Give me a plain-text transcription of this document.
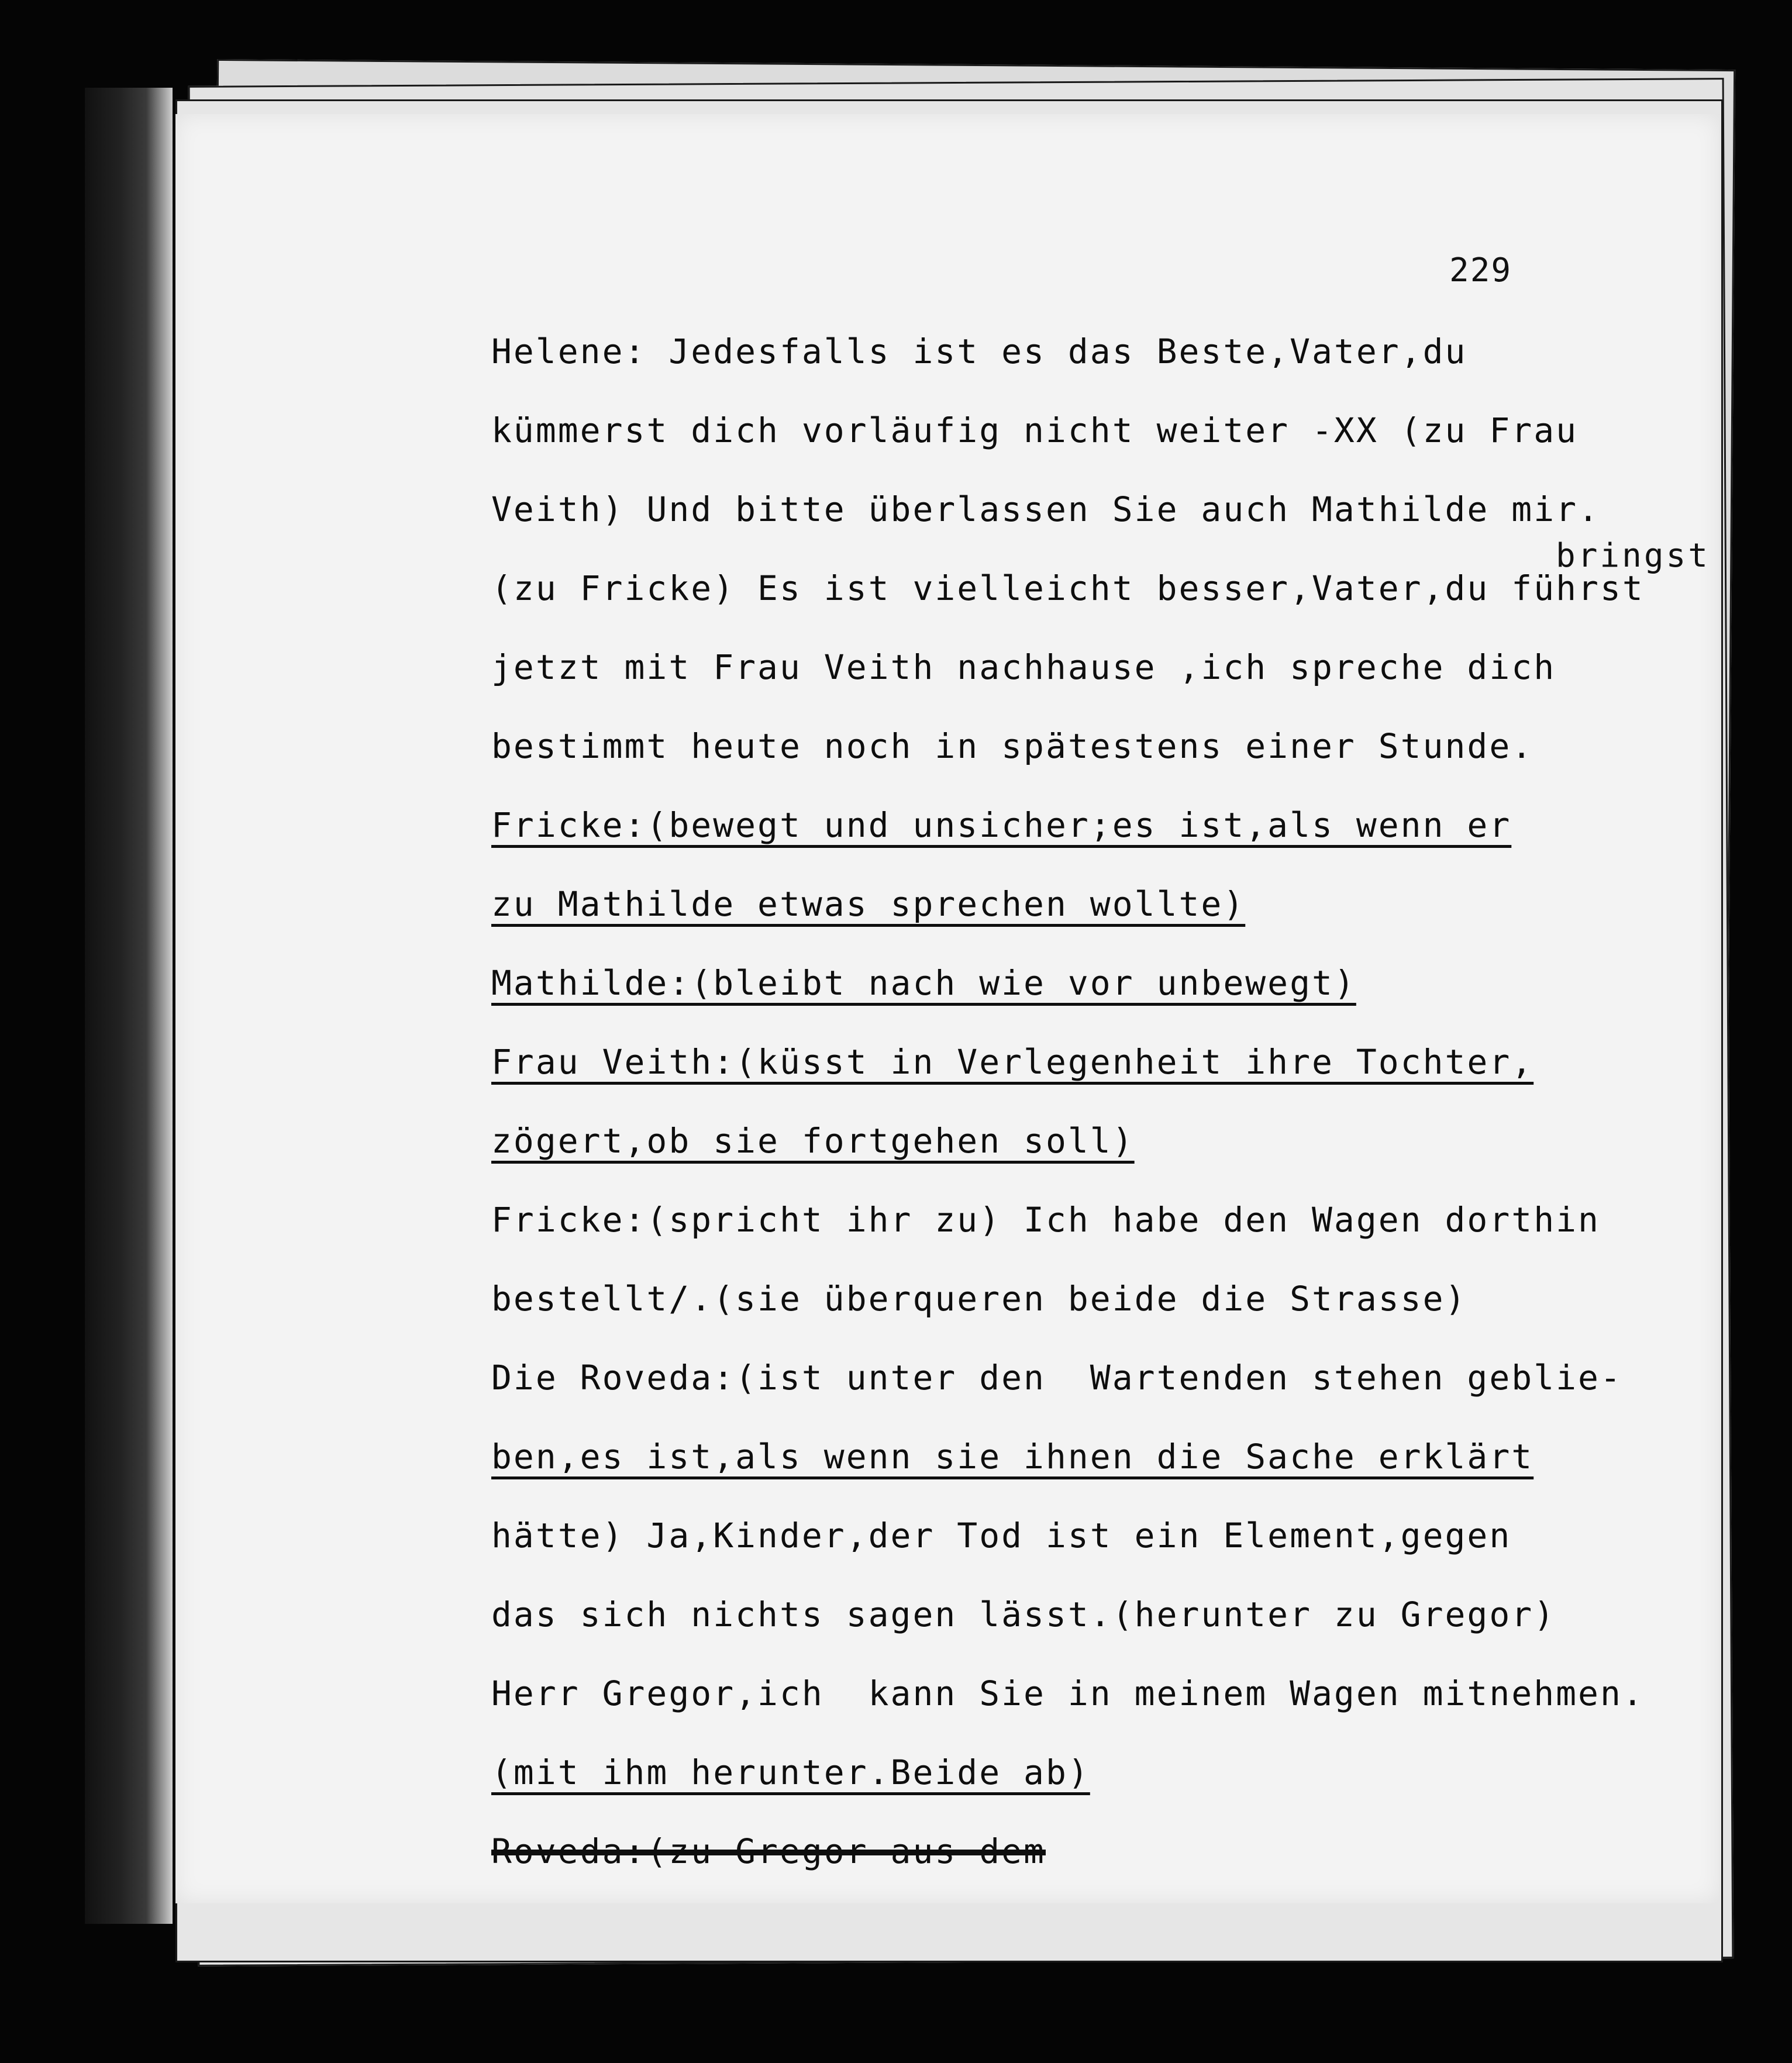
229
bringst
Helene: Jedesfalls ist es das Beste,Vater,du
kümmerst dich vorläufig nicht weiter -XX (zu Frau
Veith) Und bitte überlassen Sie auch Mathilde mir.
(zu Fricke) Es ist vielleicht besser,Vater,du führst
jetzt mit Frau Veith nachhause ,ich spreche dich
bestimmt heute noch in spätestens einer Stunde.
Fricke:(bewegt und unsicher;es ist,als wenn er
zu Mathilde etwas sprechen wollte)
Mathilde:(bleibt nach wie vor unbewegt)
Frau Veith:(küsst in Verlegenheit ihre Tochter,
zögert,ob sie fortgehen soll)
Fricke:(spricht ihr zu) Ich habe den Wagen dorthin
bestellt/.(sie überqueren beide die Strasse)
Die Roveda:(ist unter den  Wartenden stehen geblie-
ben,es ist,als wenn sie ihnen die Sache erklärt
hätte) Ja,Kinder,der Tod ist ein Element,gegen
das sich nichts sagen lässt.(herunter zu Gregor)
Herr Gregor,ich  kann Sie in meinem Wagen mitnehmen.
(mit ihm herunter.Beide ab)
Roveda:(zu Gregor aus dem
